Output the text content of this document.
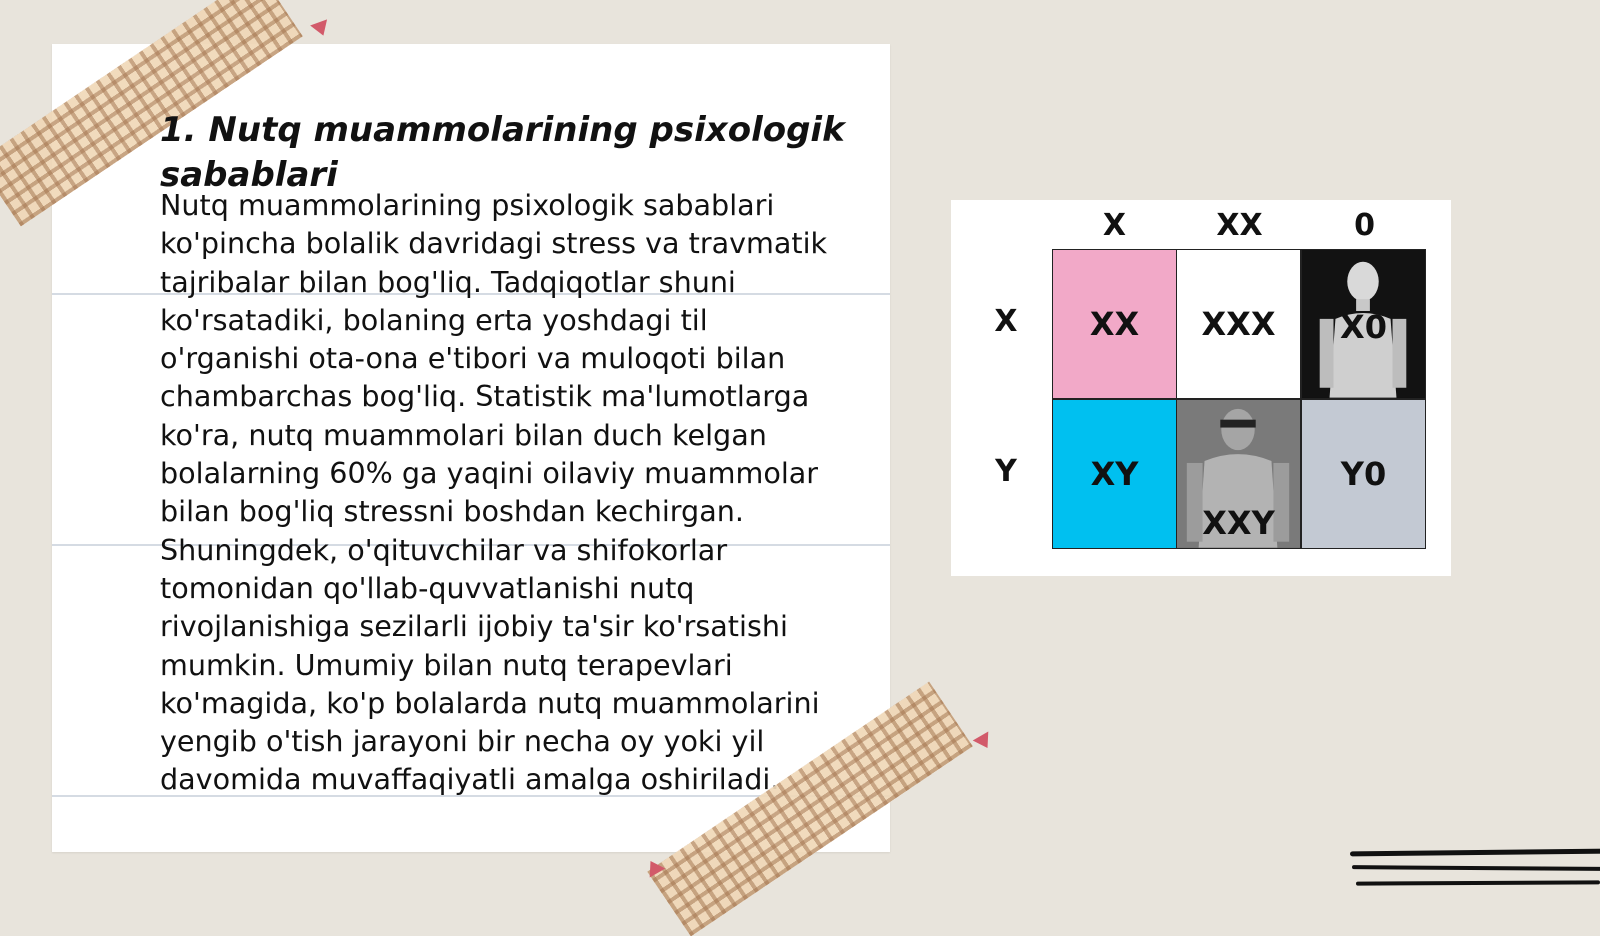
1. Nutq muammolarining psixologik sabablari

Nutq muammolarining psixologik sabablari ko'pincha bolalik davridagi stress va travmatik tajribalar bilan bog'liq. Tadqiqotlar shuni ko'rsatadiki, bolaning erta yoshdagi til o'rganishi ota-ona e'tibori va muloqoti bilan chambarchas bog'liq. Statistik ma'lumotlarga ko'ra, nutq muammolari bilan duch kelgan bolalarning 60% ga yaqini oilaviy muammolar bilan bog'liq stressni boshdan kechirgan. Shuningdek, o'qituvchilar va shifokorlar tomonidan qo'llab-quvvatlanishi nutq rivojlanishiga sezilarli ijobiy ta'sir ko'rsatishi mumkin. Umumiy bilan nutq terapevlari ko'magida, ko'p bolalarda nutq muammolarini yengib o'tish jarayoni bir necha oy yoki yil davomida muvaffaqiyatli amalga oshiriladi.

X	XX	0
X
Y
XX XXX X0
XY
XXY
Y0
